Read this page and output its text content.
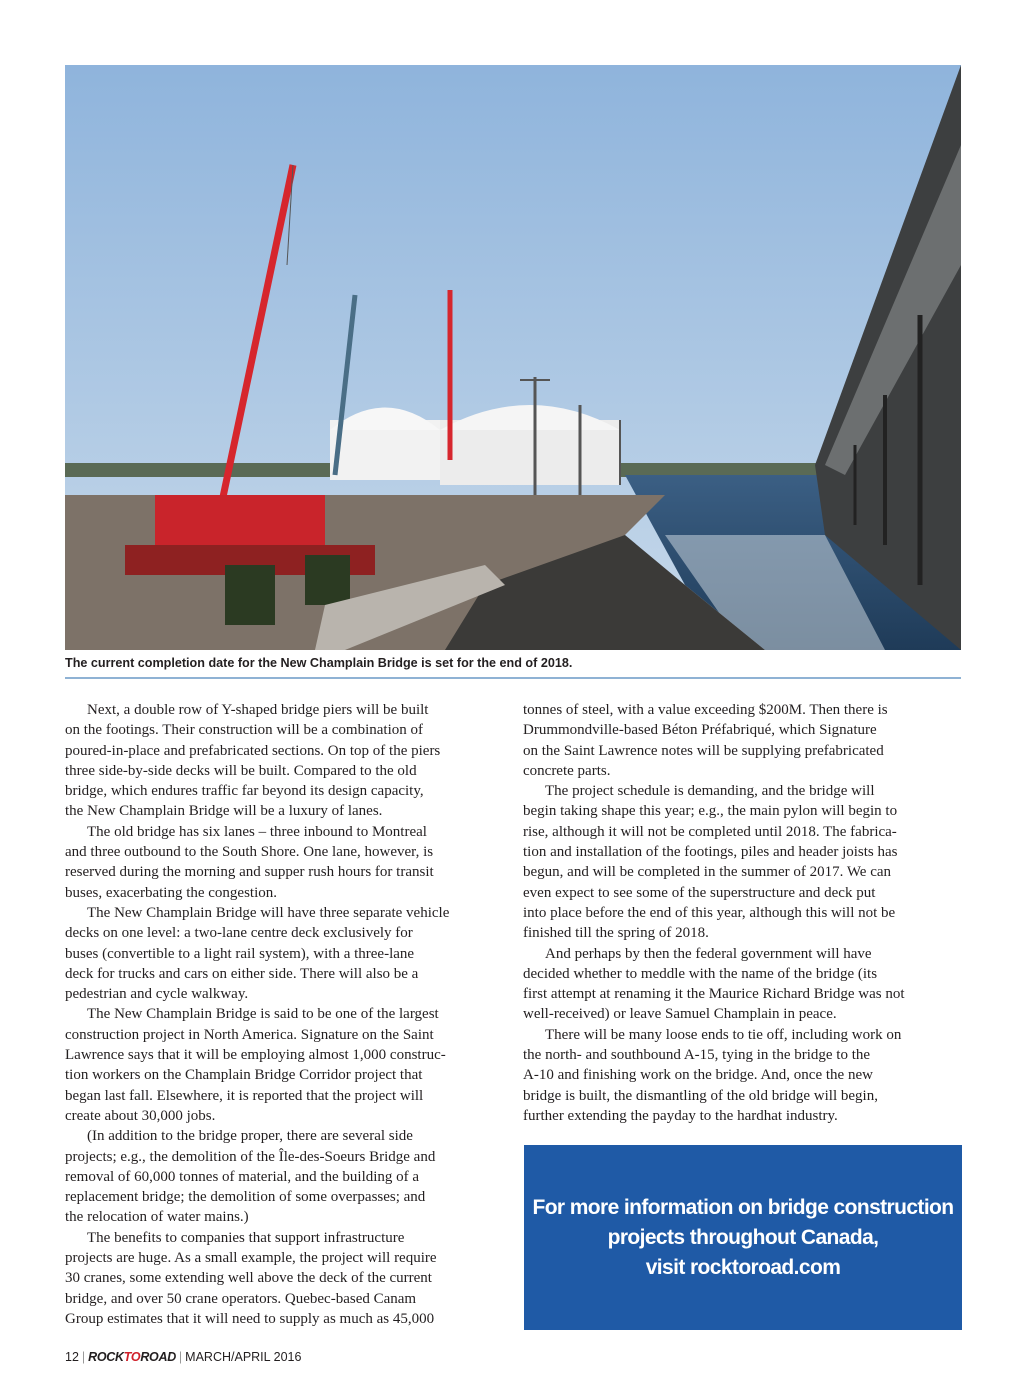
The current completion date for the New Champlain Bridge is set for the end of 2018.

Next, a double row of Y-shaped bridge piers will be built

on the footings. Their construction will be a combination of

poured-in-place and prefabricated sections. On top of the piers

three side-by-side decks will be built. Compared to the old

bridge, which endures traffic far beyond its design capacity,

the New Champlain Bridge will be a luxury of lanes.

The old bridge has six lanes – three inbound to Montreal

and three outbound to the South Shore. One lane, however, is

reserved during the morning and supper rush hours for transit

buses, exacerbating the congestion.

The New Champlain Bridge will have three separate vehicle

decks on one level: a two-lane centre deck exclusively for

buses (convertible to a light rail system), with a three-lane

deck for trucks and cars on either side. There will also be a

pedestrian and cycle walkway.

The New Champlain Bridge is said to be one of the largest

construction project in North America. Signature on the Saint

Lawrence says that it will be employing almost 1,000 construc-

tion workers on the Champlain Bridge Corridor project that

began last fall. Elsewhere, it is reported that the project will

create about 30,000 jobs.

(In addition to the bridge proper, there are several side

projects; e.g., the demolition of the Île-des-Soeurs Bridge and

removal of 60,000 tonnes of material, and the building of a

replacement bridge; the demolition of some overpasses; and

the relocation of water mains.)

The benefits to companies that support infrastructure

projects are huge. As a small example, the project will require

30 cranes, some extending well above the deck of the current

bridge, and over 50 crane operators. Quebec-based Canam

Group estimates that it will need to supply as much as 45,000

tonnes of steel, with a value exceeding $200M. Then there is

Drummondville-based Béton Préfabriqué, which Signature

on the Saint Lawrence notes will be supplying prefabricated

concrete parts.

The project schedule is demanding, and the bridge will

begin taking shape this year; e.g., the main pylon will begin to

rise, although it will not be completed until 2018. The fabrica-

tion and installation of the footings, piles and header joists has

begun, and will be completed in the summer of 2017. We can

even expect to see some of the superstructure and deck put

into place before the end of this year, although this will not be

finished till the spring of 2018.

And perhaps by then the federal government will have

decided whether to meddle with the name of the bridge (its

first attempt at renaming it the Maurice Richard Bridge was not

well-received) or leave Samuel Champlain in peace.

There will be many loose ends to tie off, including work on

the north- and southbound A-15, tying in the bridge to the

A-10 and finishing work on the bridge. And, once the new

bridge is built, the dismantling of the old bridge will begin,

further extending the payday to the hardhat industry.

For more information on bridge construction
projects throughout Canada,
visit rocktoroad.com
12 | ROCKTOROAD | MARCH/APRIL 2016
